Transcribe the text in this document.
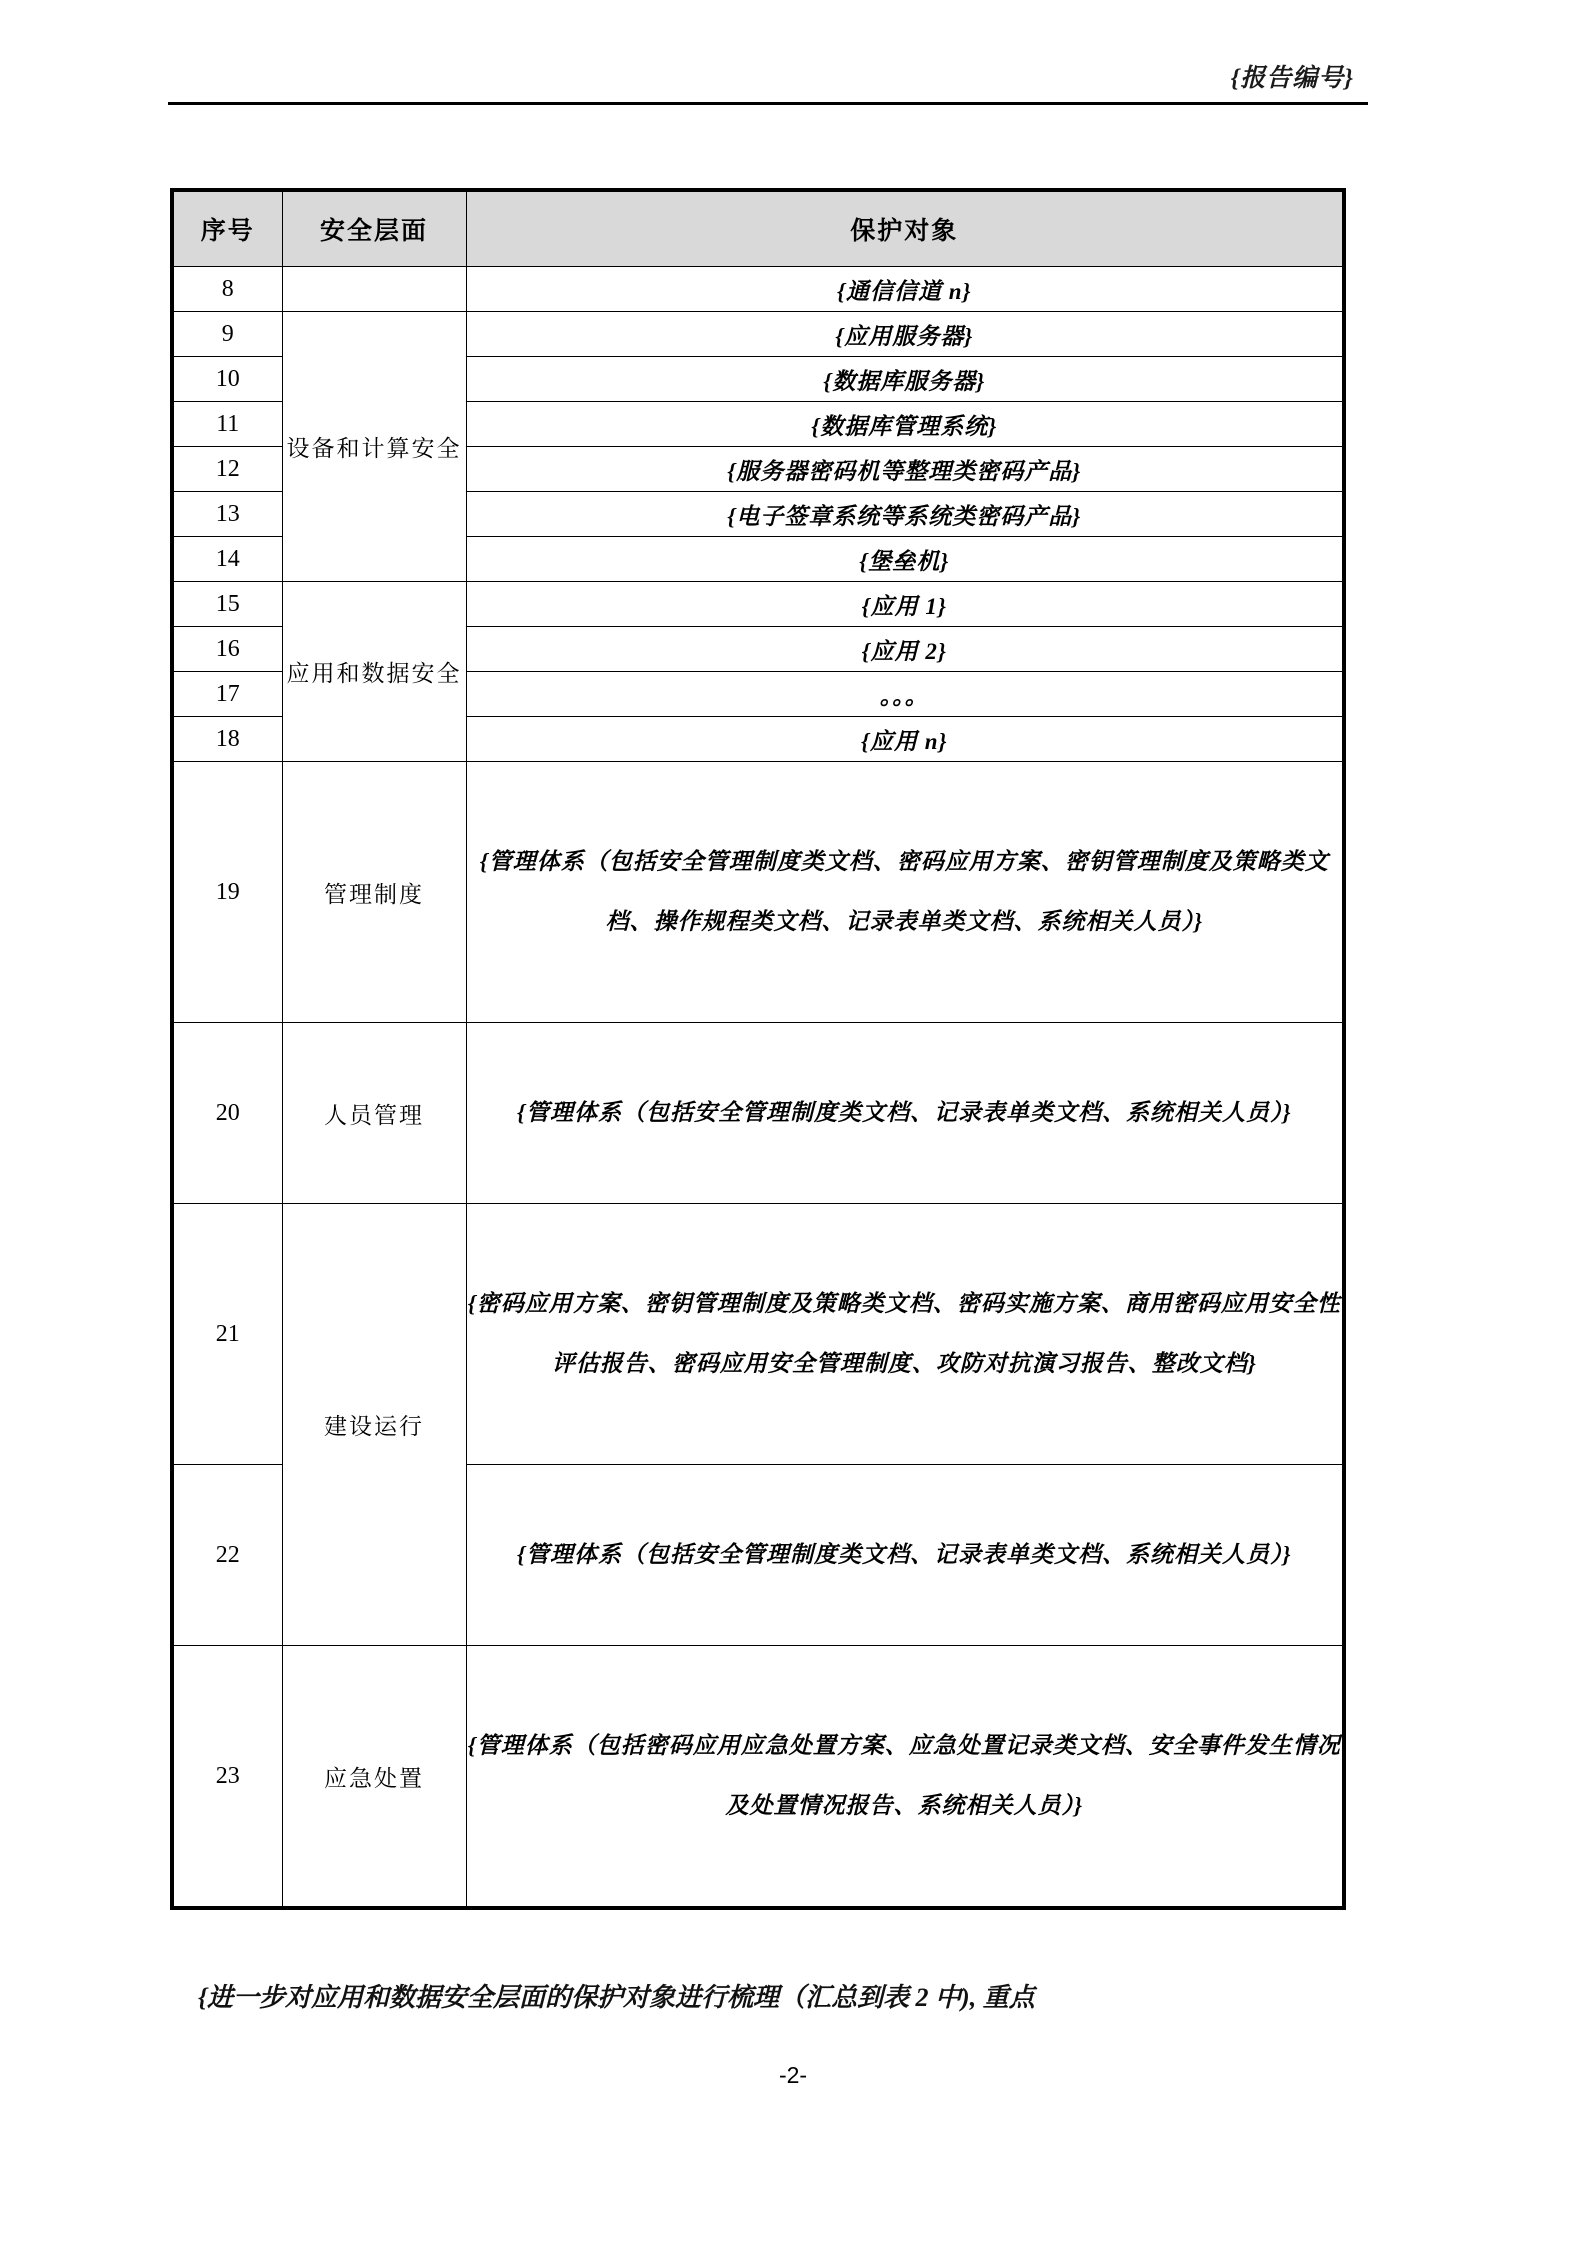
{报告编号}
序号	安全层面	保护对象
8		{通信信道 n}
9	设备和计算安全	{应用服务器}
10		{数据库服务器}
11		{数据库管理系统}
12		{服务器密码机等整理类密码产品}
13		{电子签章系统等系统类密码产品}
14		{堡垒机}
15	应用和数据安全	{应用 1}
16		{应用 2}
17		。。。
18		{应用 n}
19	管理制度	{管理体系（包括安全管理制度类文档、密码应用方案、密钥管理制度及策略类文档、操作规程类文档、记录表单类文档、系统相关人员）}
20	人员管理	{管理体系（包括安全管理制度类文档、记录表单类文档、系统相关人员）}
21	建设运行	{密码应用方案、密钥管理制度及策略类文档、密码实施方案、商用密码应用安全性评估报告、密码应用安全管理制度、攻防对抗演习报告、整改文档}
22		{管理体系（包括安全管理制度类文档、记录表单类文档、系统相关人员）}
23	应急处置	{管理体系（包括密码应用应急处置方案、应急处置记录类文档、安全事件发生情况及处置情况报告、系统相关人员）}
{进一步对应用和数据安全层面的保护对象进行梳理（汇总到表 2 中), 重点
-2-
